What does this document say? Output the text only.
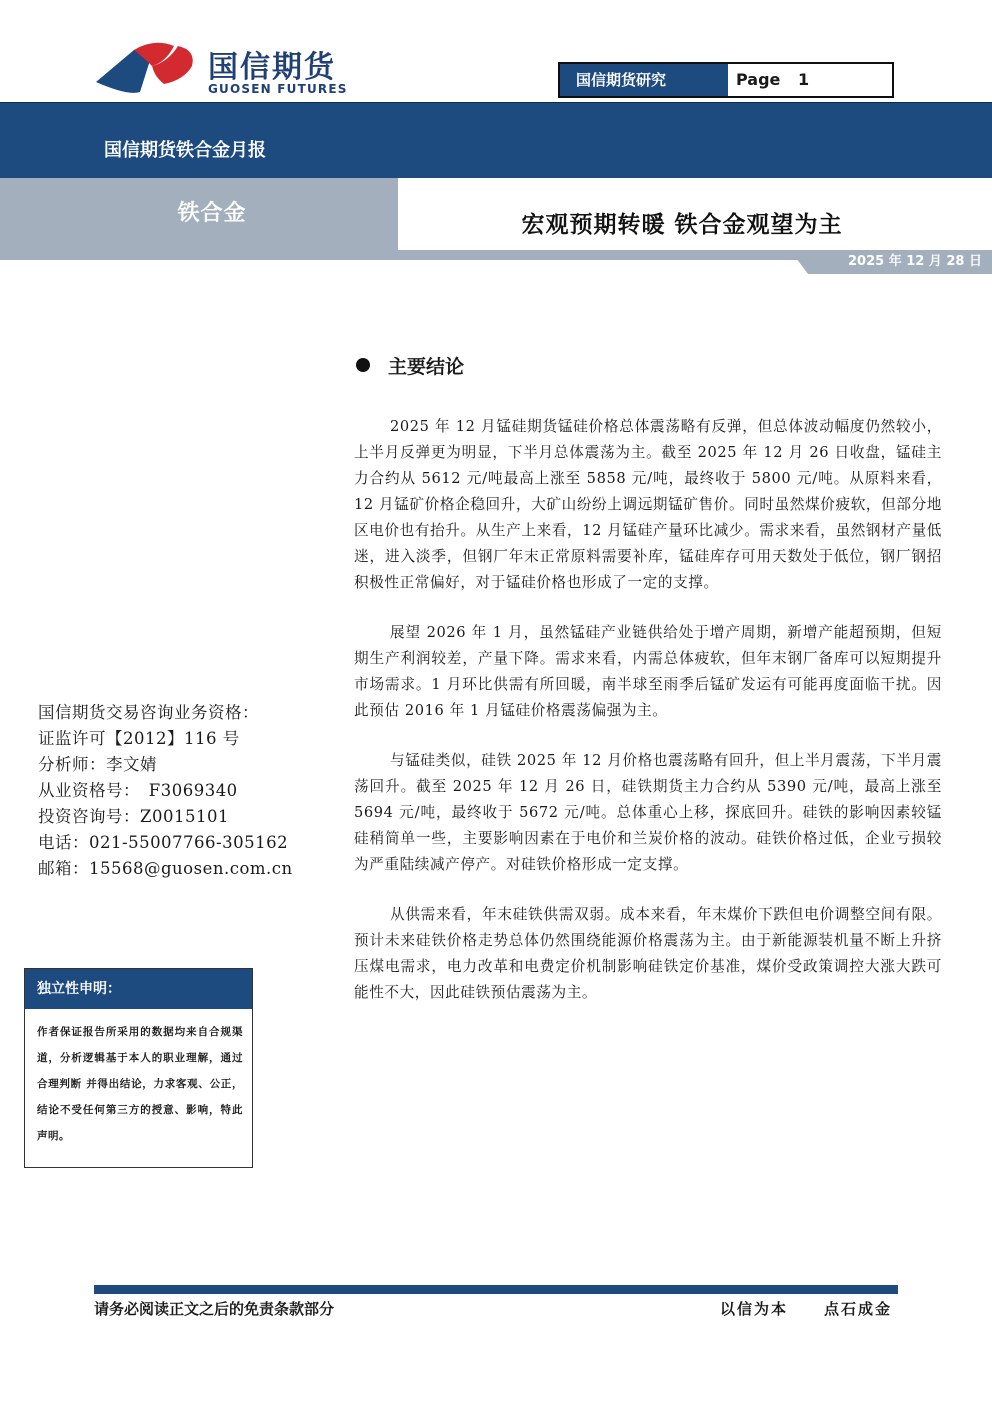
国信期货
GUOSEN FUTURES	国信期货研究	Page 1
国信期货铁合金月报
铁合金	宏观预期转暖 铁合金观望为主
2025 年 12 月 28 日
主要结论

2025 年 12 月锰硅期货锰硅价格总体震荡略有反弹，但总体波动幅度仍然较小，上半月反弹更为明显，下半月总体震荡为主。截至 2025 年 12 月 26 日收盘，锰硅主力合约从 5612 元/吨最高上涨至 5858 元/吨，最终收于 5800 元/吨。从原料来看，12 月锰矿价格企稳回升，大矿山纷纷上调远期锰矿售价。同时虽然煤价疲软，但部分地区电价也有抬升。从生产上来看，12 月锰硅产量环比减少。需求来看，虽然钢材产量低迷，进入淡季，但钢厂年末正常原料需要补库，锰硅库存可用天数处于低位，钢厂钢招积极性正常偏好，对于锰硅价格也形成了一定的支撑。

展望 2026 年 1 月，虽然锰硅产业链供给处于增产周期，新增产能超预期，但短期生产利润较差，产量下降。需求来看，内需总体疲软，但年末钢厂备库可以短期提升市场需求。1 月环比供需有所回暖，南半球至雨季后锰矿发运有可能再度面临干扰。因此预估 2016 年 1 月锰硅价格震荡偏强为主。

与锰硅类似，硅铁 2025 年 12 月价格也震荡略有回升，但上半月震荡，下半月震荡回升。截至 2025 年 12 月 26 日，硅铁期货主力合约从 5390 元/吨，最高上涨至 5694 元/吨，最终收于 5672 元/吨。总体重心上移，探底回升。硅铁的影响因素较锰硅稍简单一些，主要影响因素在于电价和兰炭价格的波动。硅铁价格过低，企业亏损较为严重陆续减产停产。对硅铁价格形成一定支撑。

从供需来看，年末硅铁供需双弱。成本来看，年末煤价下跌但电价调整空间有限。预计未来硅铁价格走势总体仍然围绕能源价格震荡为主。由于新能源装机量不断上升挤压煤电需求，电力改革和电费定价机制影响硅铁定价基准，煤价受政策调控大涨大跌可能性不大，因此硅铁预估震荡为主。

国信期货交易咨询业务资格：
证监许可【2012】116 号
分析师：李文婧
从业资格号：　F3069340
投资咨询号：Z0015101
电话：021-55007766-305162
邮箱：15568@guosen.com.cn
独立性申明：
作者保证报告所采用的数据均来自合规渠道，分析逻辑基于本人的职业理解，通过合理判断 并得出结论，力求客观、公正，结论不受任何第三方的授意、影响，特此声明。
请务必阅读正文之后的免责条款部分	以信为本 点石成金
